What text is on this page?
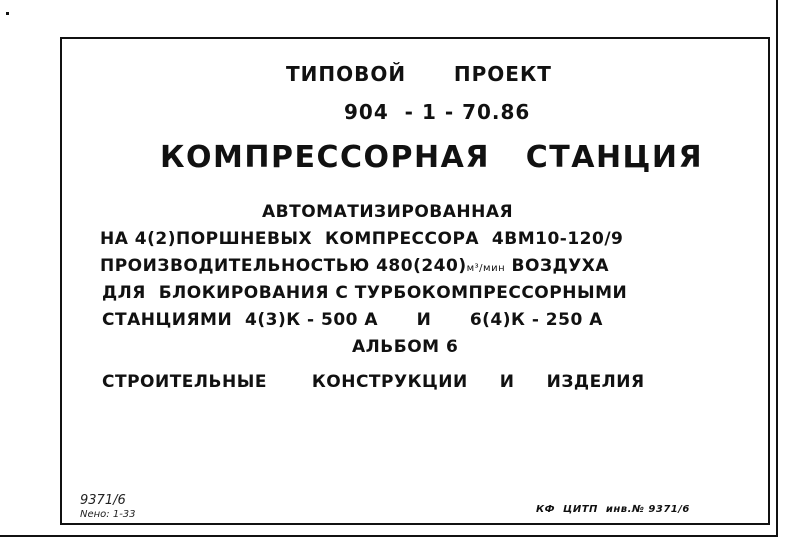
ТИПОВОЙ      ПРОЕКТ
904  - 1 - 70.86
КОМПРЕССОРНАЯ   СТАНЦИЯ
АВТОМАТИЗИРОВАННАЯ
НА 4(2)ПОРШНЕВЫХ  КОМПРЕССОРА  4ВМ10-120/9
ПРОИЗВОДИТЕЛЬНОСТЬЮ 480(240)м³/мин ВОЗДУХА
ДЛЯ  БЛОКИРОВАНИЯ С ТУРБОКОМПРЕССОРНЫМИ
СТАНЦИЯМИ  4(3)К - 500 А      И      6(4)К - 250 А
АЛЬБОМ 6
СТРОИТЕЛЬНЫЕ       КОНСТРУКЦИИ     И     ИЗДЕЛИЯ
9371/6
Nено: 1-33	КФ  ЦИТП  инв.№ 9371/6
